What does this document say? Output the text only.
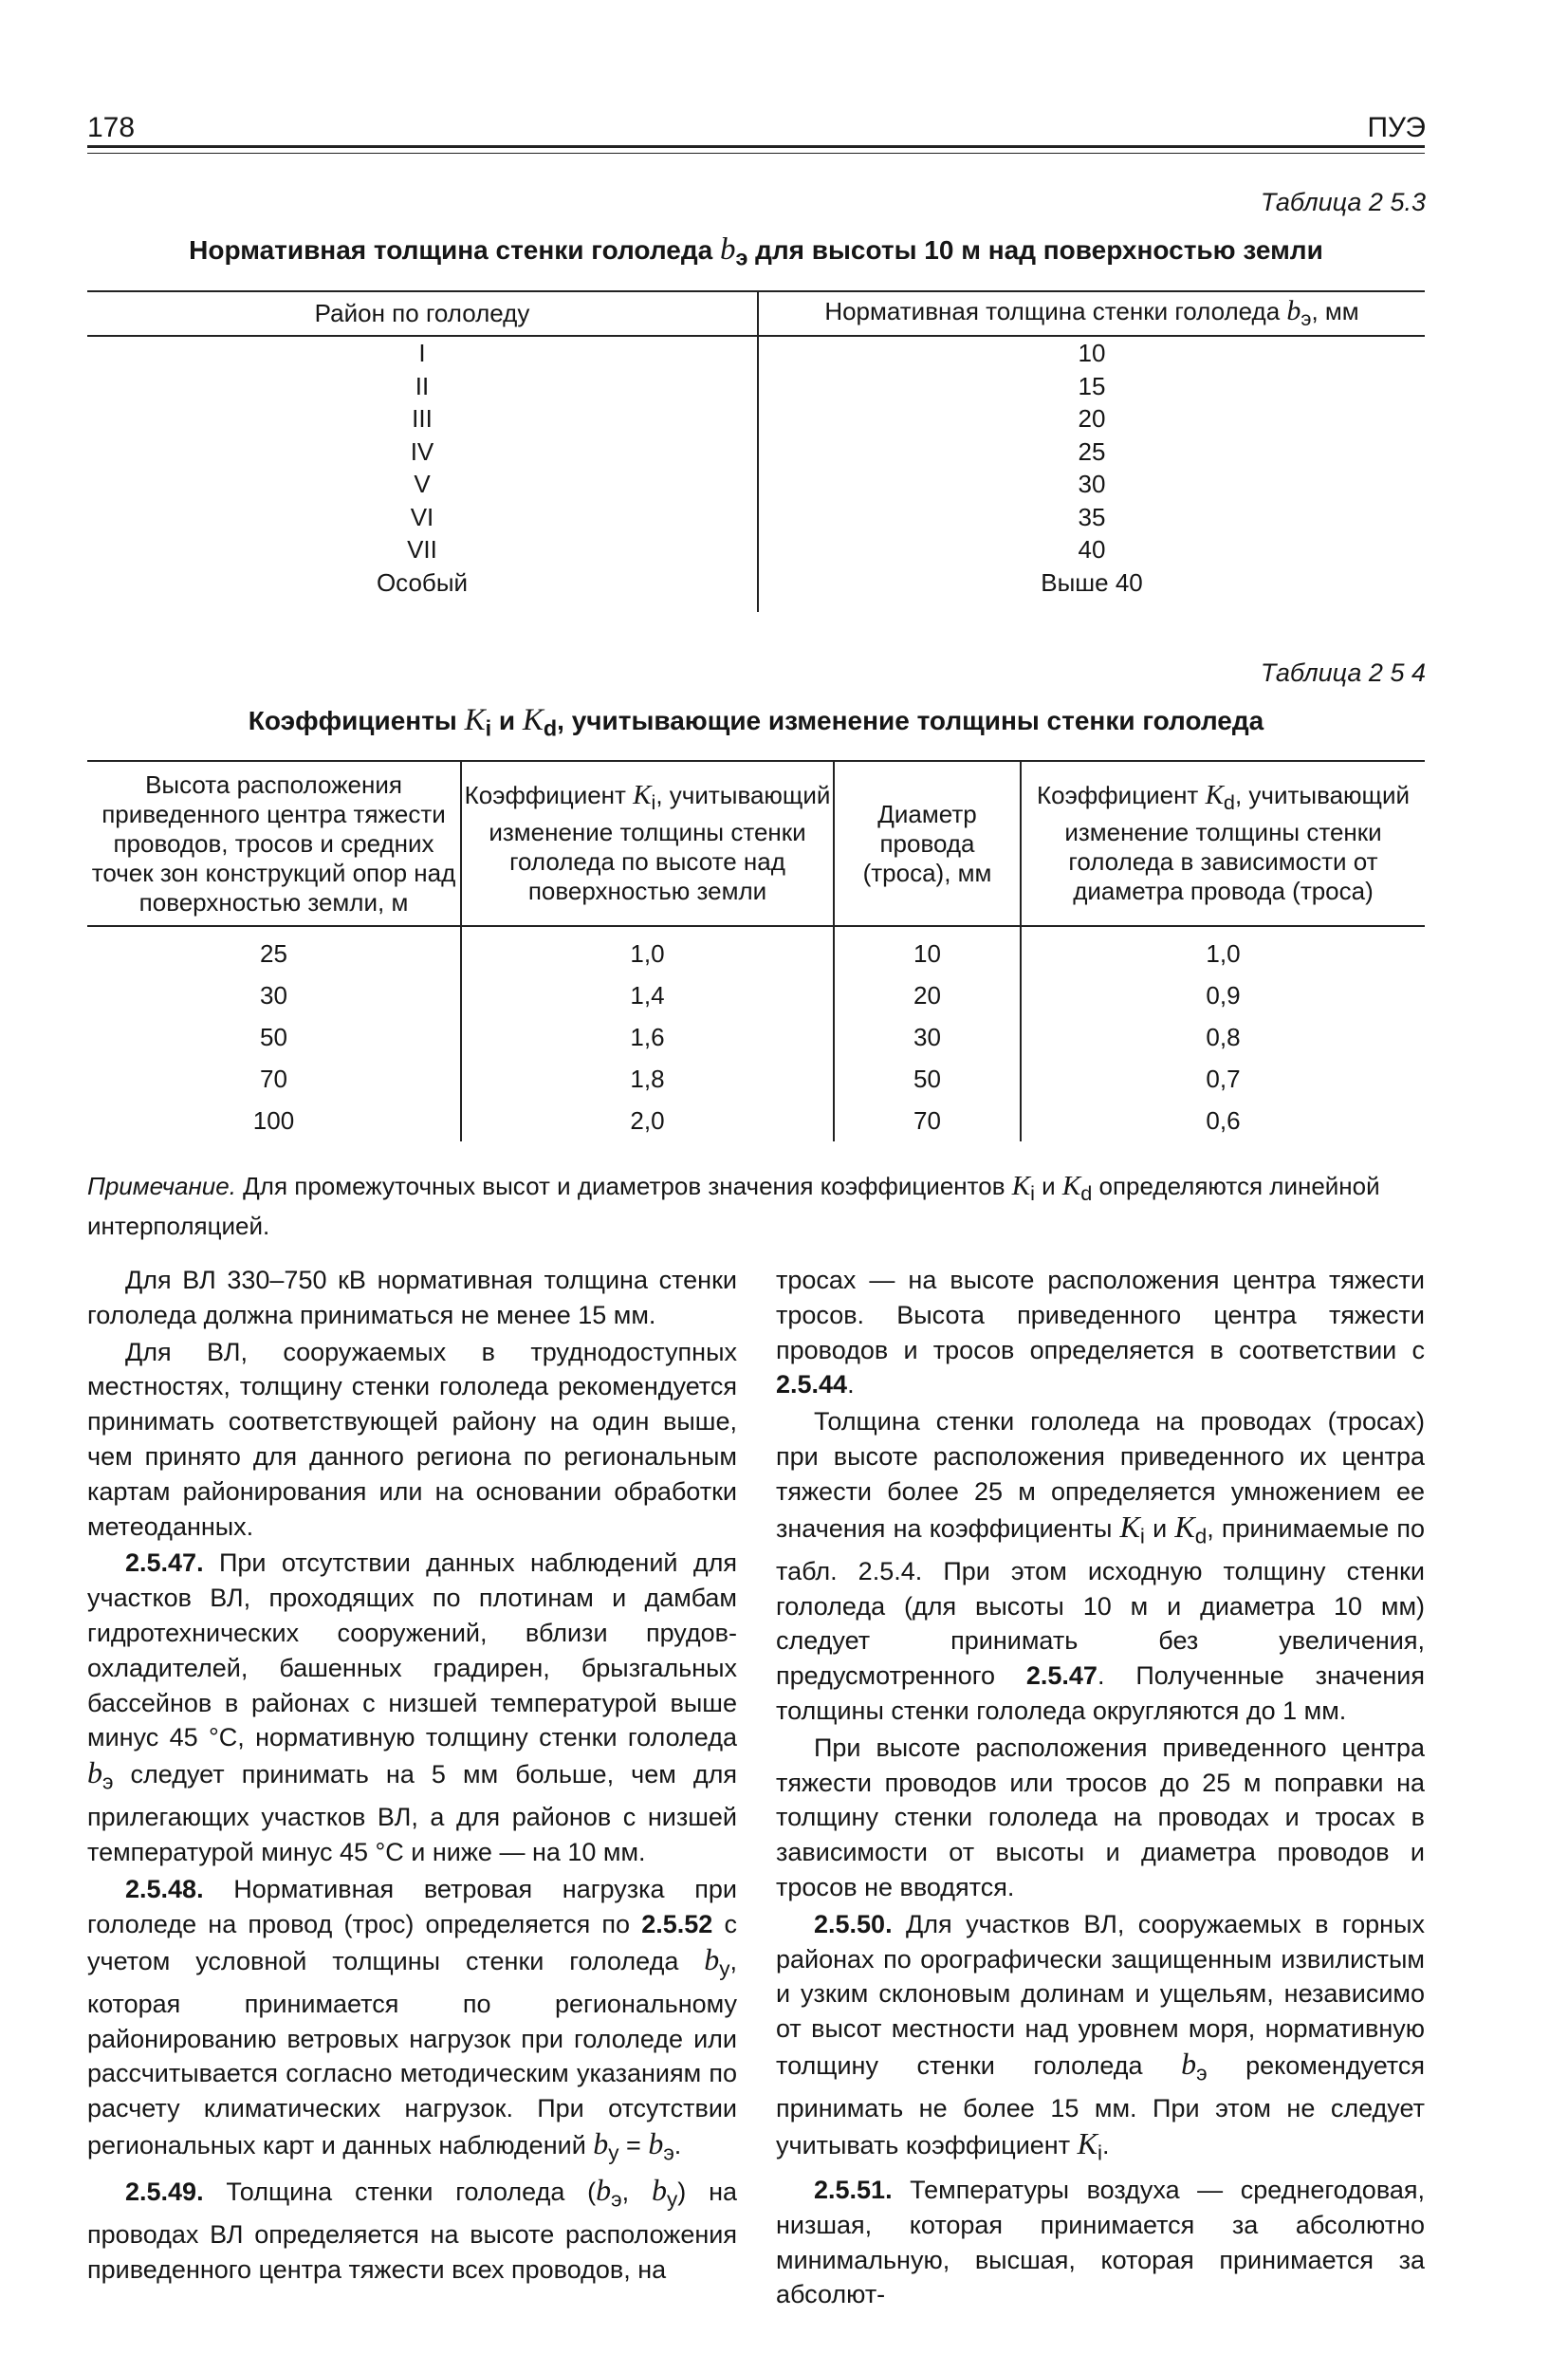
178	ПУЭ
Таблица 2 5.3
Нормативная толщина стенки гололеда $b_э$ для высоты 10 м над поверхностью земли
Район по гололеду	Нормативная толщина стенки гололеда $b_э$, мм
I	10
II	15
III	20
IV	25
V	30
VI	35
VII	40
Особый	Выше 40
Таблица 2 5 4
Коэффициенты $K_i$ и $K_d$, учитывающие изменение толщины стенки гололеда
Высота расположения приведенного центра тяжести проводов, тросов и средних точек зон конструкций опор над поверхностью земли, м	Коэффициент $K_i$, учитывающий изменение толщины стенки гололеда по высоте над поверхностью земли	Диаметр провода (троса), мм	Коэффициент $K_d$, учитывающий изменение толщины стенки гололеда в зависимости от диаметра провода (троса)
25	1,0	10	1,0
30	1,4	20	0,9
50	1,6	30	0,8
70	1,8	50	0,7
100	2,0	70	0,6
Примечание. Для промежуточных высот и диаметров значения коэффициентов $K_i$ и $K_d$ определяются линейной интерполяцией.

Для ВЛ 330–750 кВ нормативная толщина стенки гололеда должна приниматься не менее 15 мм.

Для ВЛ, сооружаемых в труднодоступных местностях, толщину стенки гололеда рекомендуется принимать соответствующей району на один выше, чем принято для данного региона по региональным картам районирования или на основании обработки метеоданных.

2.5.47. При отсутствии данных наблюдений для участков ВЛ, проходящих по плотинам и дамбам гидротехнических сооружений, вблизи прудов-охладителей, башенных градирен, брызгальных бассейнов в районах с низшей температурой выше минус 45 °С, нормативную толщину стенки гололеда $b_э$ следует принимать на 5 мм больше, чем для прилегающих участков ВЛ, а для районов с низшей температурой минус 45 °С и ниже — на 10 мм.

2.5.48. Нормативная ветровая нагрузка при гололеде на провод (трос) определяется по 2.5.52 с учетом условной толщины стенки гололеда $b_у$, которая принимается по региональному районированию ветровых нагрузок при гололеде или рассчитывается согласно методическим указаниям по расчету климатических нагрузок. При отсутствии региональных карт и данных наблюдений $b_у = b_э$.

2.5.49. Толщина стенки гололеда ($b_э$, $b_у$) на проводах ВЛ определяется на высоте расположения приведенного центра тяжести всех проводов, на

тросах — на высоте расположения центра тяжести тросов. Высота приведенного центра тяжести проводов и тросов определяется в соответствии с 2.5.44.

Толщина стенки гололеда на проводах (тросах) при высоте расположения приведенного их центра тяжести более 25 м определяется умножением ее значения на коэффициенты $K_i$ и $K_d$, принимаемые по табл. 2.5.4. При этом исходную толщину стенки гололеда (для высоты 10 м и диаметра 10 мм) следует принимать без увеличения, предусмотренного 2.5.47. Полученные значения толщины стенки гололеда округляются до 1 мм.

При высоте расположения приведенного центра тяжести проводов или тросов до 25 м поправки на толщину стенки гололеда на проводах и тросах в зависимости от высоты и диаметра проводов и тросов не вводятся.

2.5.50. Для участков ВЛ, сооружаемых в горных районах по орографически защищенным извилистым и узким склоновым долинам и ущельям, независимо от высот местности над уровнем моря, нормативную толщину стенки гололеда $b_э$ рекомендуется принимать не более 15 мм. При этом не следует учитывать коэффициент $K_i$.

2.5.51. Температуры воздуха — среднегодовая, низшая, которая принимается за абсолютно минимальную, высшая, которая принимается за абсолют-
